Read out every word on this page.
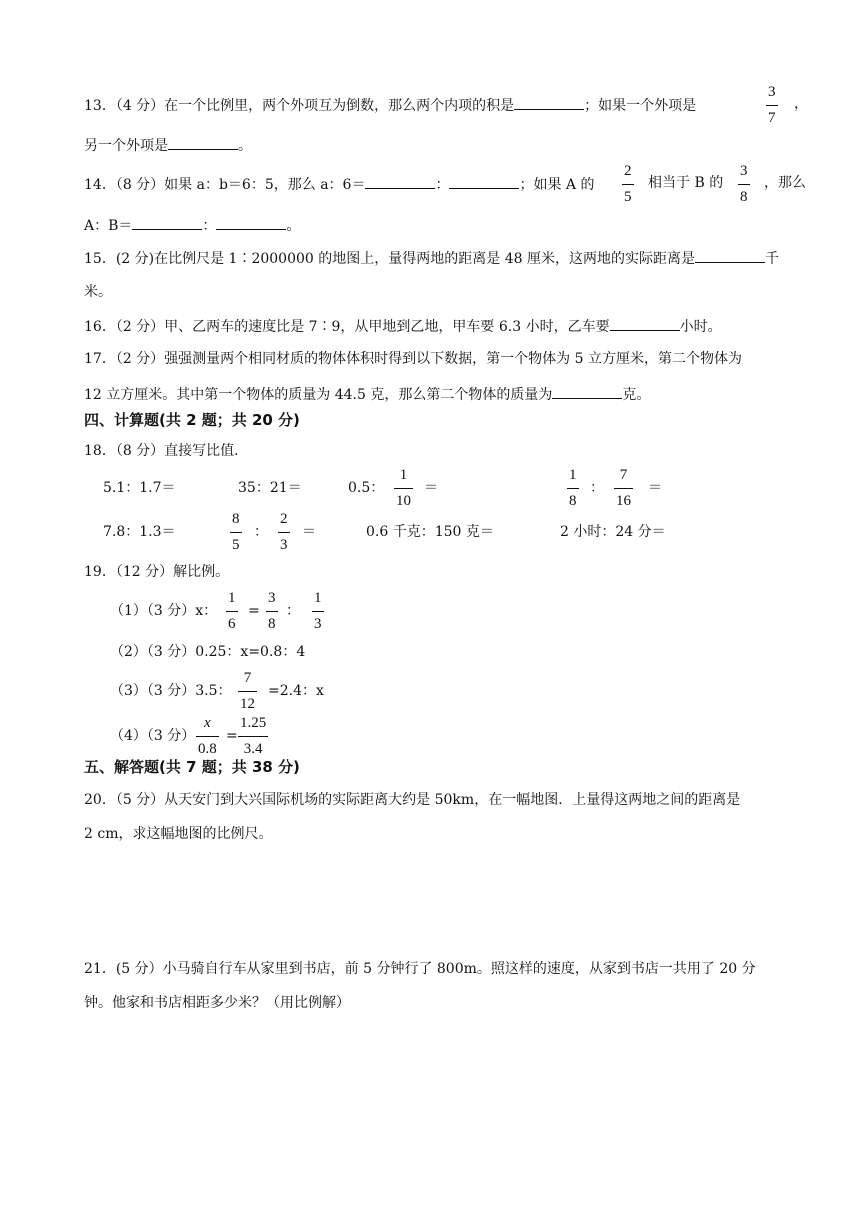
13．（4 分）在一个比例里，两个外项互为倒数，那么两个内项的积是	；如果一个外项是
3
7
，
另一个外项是	。
14．（8 分）如果 a：b＝6：5，那么 a：6＝	：	；如果 A 的
2
5
相当于 B 的
3
8
，那么
A：B＝	：	。
15．(2 分)在比例尺是 1∶2000000 的地图上，量得两地的距离是 48 厘米，这两地的实际距离是	千
米。
16．（2 分）甲、乙两车的速度比是 7∶9，从甲地到乙地，甲车要 6.3 小时，乙车要	小时。
17．（2 分）强强测量两个相同材质的物体体积时得到以下数据，第一个物体为 5 立方厘米，第二个物体为
12 立方厘米。其中第一个物体的质量为 44.5 克，那么第二个物体的质量为	克。
四、计算题(共 2 题；共 20 分)
18．（8 分）直接写比值．
5.1：1.7＝	35：21＝	0.5：
1
10
＝
1
8
：
7
16
＝
7.8：1.3＝
8
5
：
2
3
＝	0.6 千克：150 克＝	2 小时：24 分＝
19．（12 分）解比例。
（1）（3 分）x：
1
6
=
3
8
：
1
3
（2）（3 分）0.25：x=0.8：4
（3）（3 分）3.5：
7
12
=2.4：x
（4）（3 分）
x
0.8
=
1.25
3.4
五、解答题(共 7 题；共 38 分)
20．（5 分）从天安门到大兴国际机场的实际距离大约是 50km，在一幅地图．上量得这两地之间的距离是
2 cm，求这幅地图的比例尺。
21．(5 分）小马骑自行车从家里到书店，前 5 分钟行了 800m。照这样的速度，从家到书店一共用了 20 分
钟。他家和书店相距多少米？（用比例解）
